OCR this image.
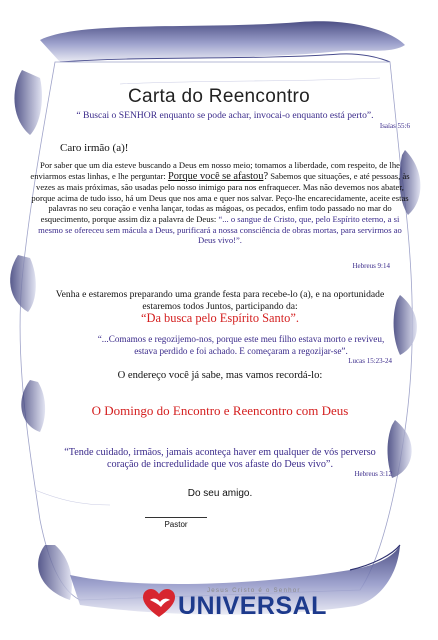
Carta do Reencontro
“ Buscai o SENHOR enquanto se pode achar, invocai-o enquanto está perto”.
Isaías 55:6
Caro irmão (a)!
Por saber que um dia esteve buscando a Deus em nosso meio; tomamos a liberdade, com respeito, de lhe enviarmos estas linhas, e lhe perguntar: Porque você se afastou? Sabemos que situações, e até pessoas, às vezes as mais próximas, são usadas pelo nosso inimigo para nos enfraquecer. Mas não devemos nos abater, porque acima de tudo isso, há um Deus que nos ama e quer nos salvar. Peço-lhe encarecidamente, aceite estas palavras no seu coração e venha lançar, todas as mágoas, os pecados, enfim todo passado no mar do esquecimento, porque assim diz a palavra de Deus: “... o sangue de Cristo, que, pelo Espírito eterno, a si mesmo se ofereceu sem mácula a Deus, purificará a nossa consciência de obras mortas, para servirmos ao Deus vivo!”.
Hebreus 9:14
Venha e estaremos preparando uma grande festa para recebe-lo (a), e na oportunidade estaremos todos Juntos, participando da:
“Da busca pelo Espírito Santo”.
“...Comamos e regozijemo-nos, porque este meu filho estava morto e reviveu, estava perdido e foi achado. E começaram a regozijar-se”.
Lucas 15:23-24
O endereço você já sabe, mas vamos recordá-lo:
O Domingo do Encontro e Reencontro com Deus
“Tende cuidado, irmãos, jamais aconteça haver em qualquer de vós perverso coração de incredulidade que vos afaste do Deus vivo”.
Hebreus 3:12
Do seu amigo.
Pastor
Jesus Cristo é o Senhor
UNIVERSAL
